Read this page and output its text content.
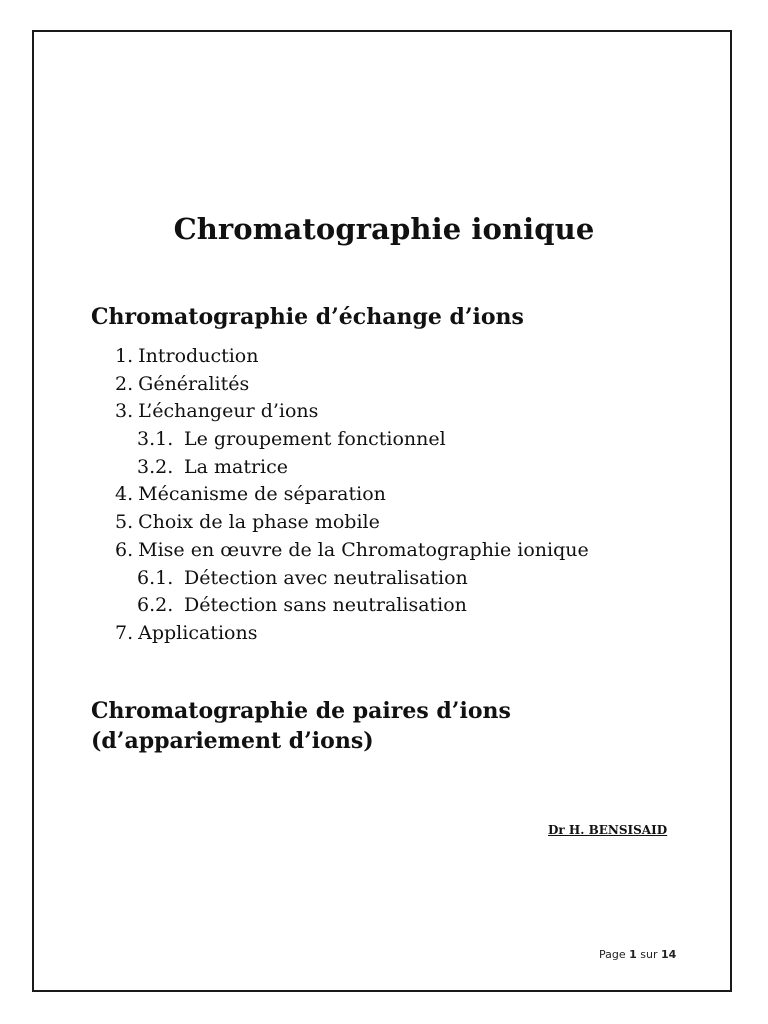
Chromatographie ionique
Chromatographie d’échange d’ions
1. Introduction
2. Généralités
3. L’échangeur d’ions
3.1. Le groupement fonctionnel
3.2. La matrice
4. Mécanisme de séparation
5. Choix de la phase mobile
6. Mise en œuvre de la Chromatographie ionique
6.1. Détection avec neutralisation
6.2. Détection sans neutralisation
7. Applications
Chromatographie de paires d’ions
(d’appariement d’ions)

Dr H. BENSISAID

Page 1 sur 14
